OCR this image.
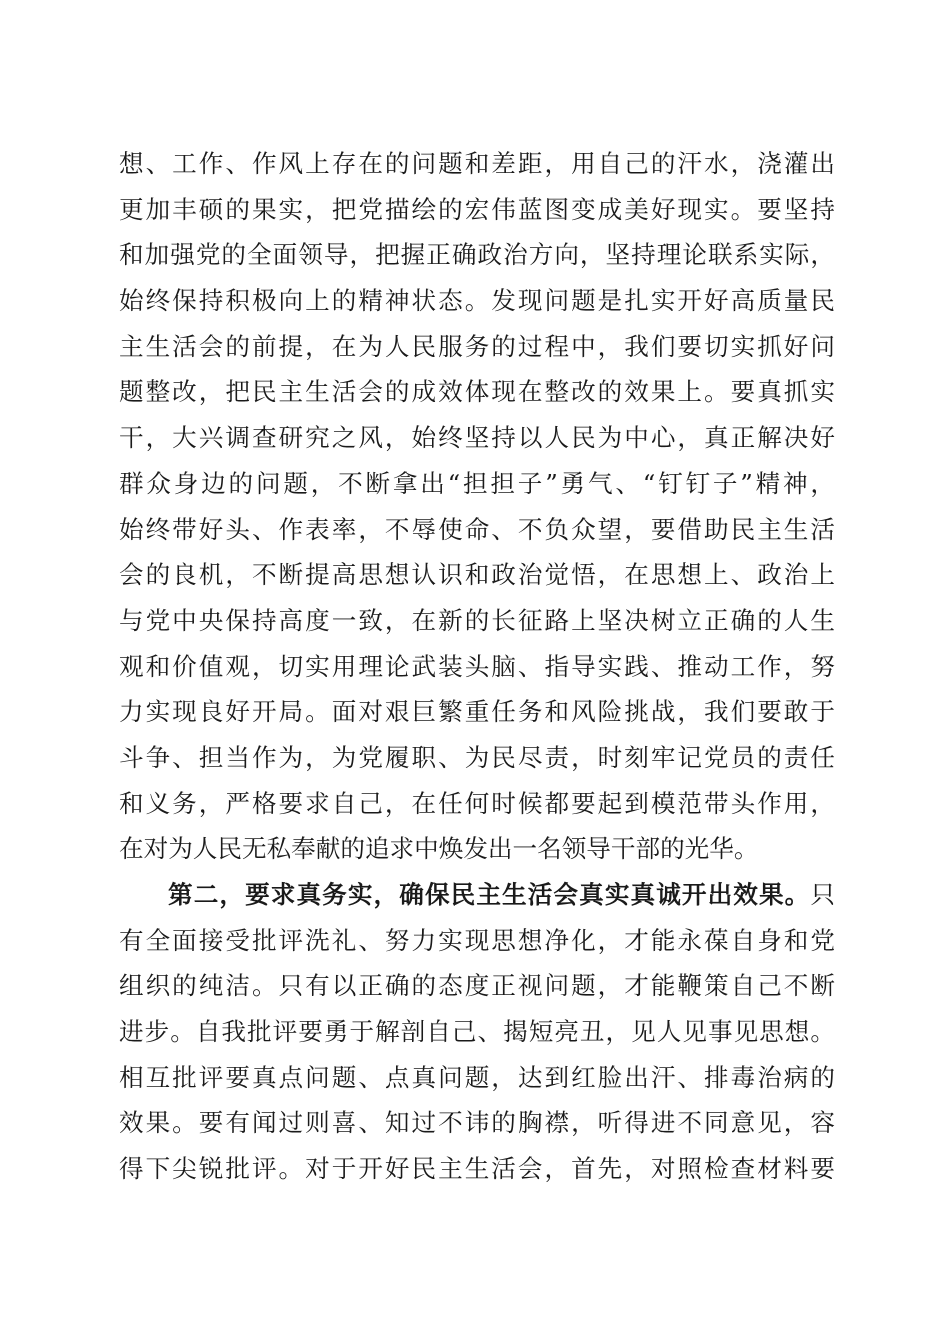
想、工作、作风上存在的问题和差距，用自己的汗水，浇灌出
更加丰硕的果实，把党描绘的宏伟蓝图变成美好现实。要坚持
和加强党的全面领导，把握正确政治方向，坚持理论联系实际，
始终保持积极向上的精神状态。发现问题是扎实开好高质量民
主生活会的前提，在为人民服务的过程中，我们要切实抓好问
题整改，把民主生活会的成效体现在整改的效果上。要真抓实
干，大兴调查研究之风，始终坚持以人民为中心，真正解决好
群众身边的问题，不断拿出“担担子”勇气、“钉钉子”精神，
始终带好头、作表率，不辱使命、不负众望，要借助民主生活
会的良机，不断提高思想认识和政治觉悟，在思想上、政治上
与党中央保持高度一致，在新的长征路上坚决树立正确的人生
观和价值观，切实用理论武装头脑、指导实践、推动工作，努
力实现良好开局。面对艰巨繁重任务和风险挑战，我们要敢于
斗争、担当作为，为党履职、为民尽责，时刻牢记党员的责任
和义务，严格要求自己，在任何时候都要起到模范带头作用，
在对为人民无私奉献的追求中焕发出一名领导干部的光华。
第二，要求真务实，确保民主生活会真实真诚开出效果。只
有全面接受批评洗礼、努力实现思想净化，才能永葆自身和党
组织的纯洁。只有以正确的态度正视问题，才能鞭策自己不断
进步。自我批评要勇于解剖自己、揭短亮丑，见人见事见思想。
相互批评要真点问题、点真问题，达到红脸出汗、排毒治病的
效果。要有闻过则喜、知过不讳的胸襟，听得进不同意见，容
得下尖锐批评。对于开好民主生活会，首先，对照检查材料要
